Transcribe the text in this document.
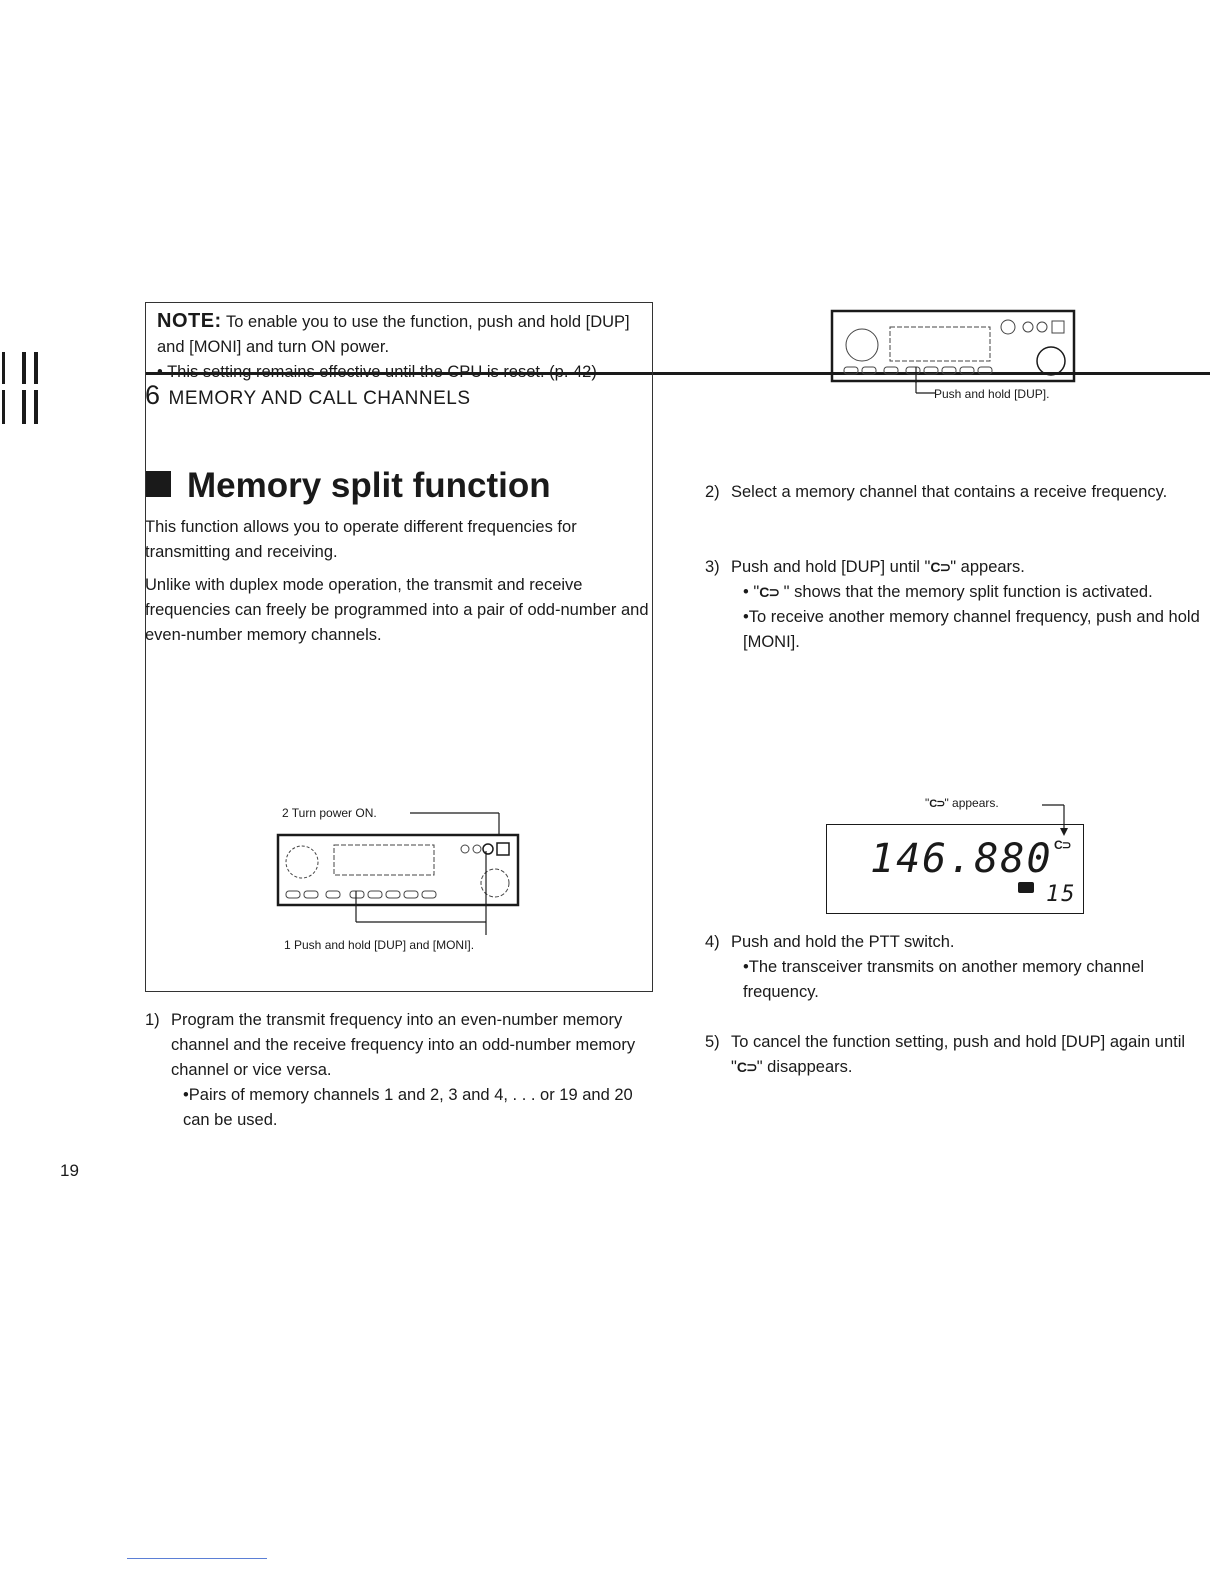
6 MEMORY AND CALL CHANNELS
Memory split function
This function allows you to operate different frequencies for transmitting and receiving.
Unlike with duplex mode operation, the transmit and receive frequencies can freely be programmed into a pair of odd-number and even-number memory channels.
NOTE: To enable you to use the function, push and hold [DUP] and [MONI] and turn ON power.
• This setting remains effective until the CPU is reset. (p. 42)
2 Turn power ON.
1 Push and hold [DUP] and [MONI].
1) Program the transmit frequency into an even-number memory channel and the receive frequency into an odd-number memory channel or vice versa.
•Pairs of memory channels 1 and 2, 3 and 4, . . . or 19 and 20 can be used.
2) Select a memory channel that contains a receive frequency.
3) Push and hold [DUP] until "C⊃" appears.
• "C⊃ " shows that the memory split function is activated.
•To receive another memory channel frequency, push and hold [MONI].
Push and hold [DUP].
"C⊃" appears.
146.880 C⊃
15
4) Push and hold the PTT switch.
•The transceiver transmits on another memory channel frequency.
5) To cancel the function setting, push and hold [DUP] again until "C⊃" disappears.
19
